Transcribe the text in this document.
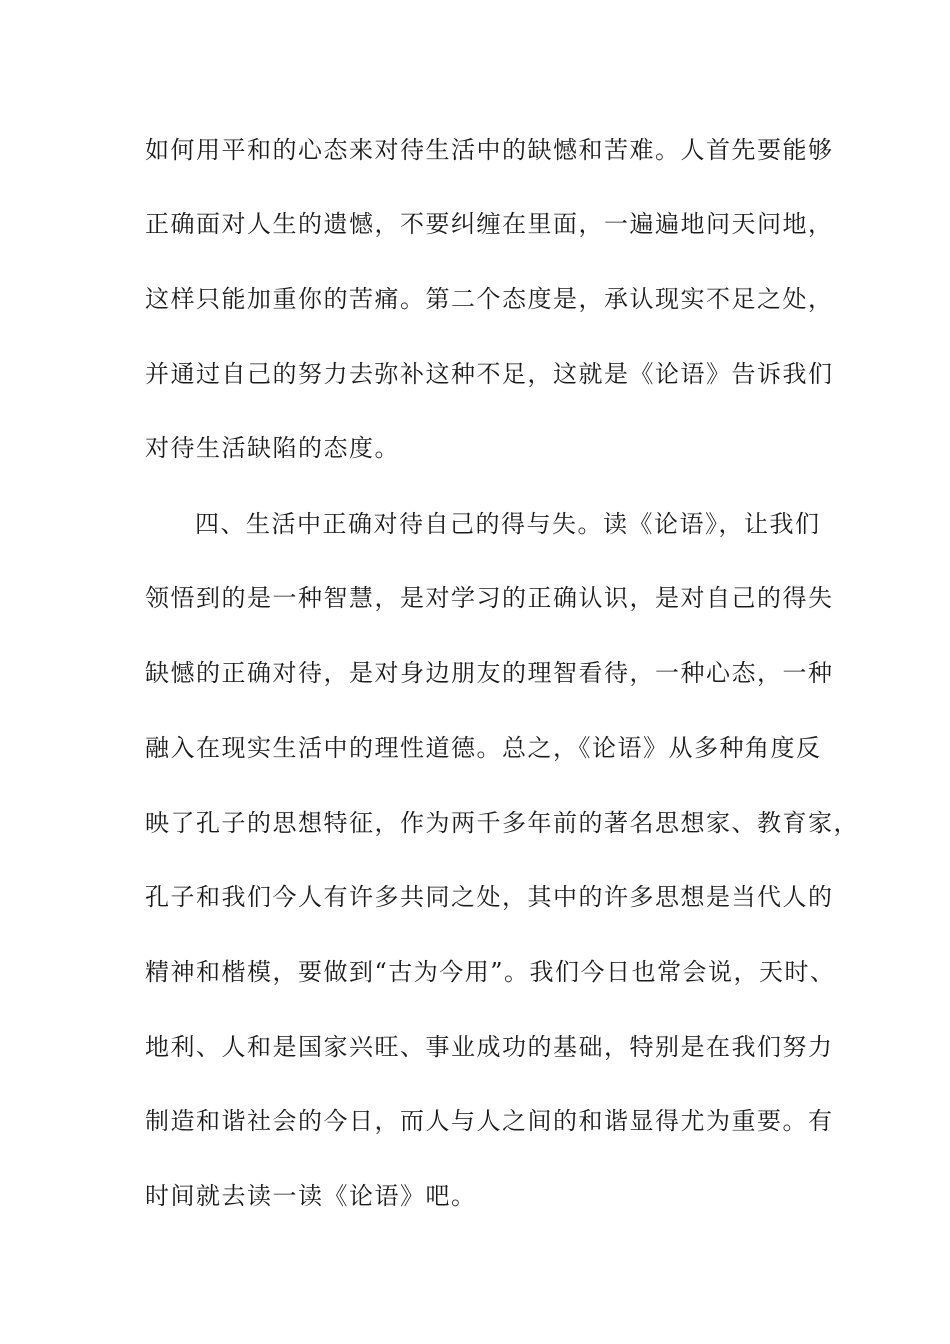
如何用平和的心态来对待生活中的缺憾和苦难。人首先要能够
正确面对人生的遗憾，不要纠缠在里面，一遍遍地问天问地，
这样只能加重你的苦痛。第二个态度是，承认现实不足之处，
并通过自己的努力去弥补这种不足，这就是《论语》告诉我们
对待生活缺陷的态度。
四、生活中正确对待自己的得与失。读《论语》，让我们
领悟到的是一种智慧，是对学习的正确认识，是对自己的得失
缺憾的正确对待，是对身边朋友的理智看待，一种心态，一种
融入在现实生活中的理性道德。总之，《论语》从多种角度反
映了孔子的思想特征，作为两千多年前的著名思想家、教育家，
孔子和我们今人有许多共同之处，其中的许多思想是当代人的
精神和楷模，要做到“古为今用”。我们今日也常会说，天时、
地利、人和是国家兴旺、事业成功的基础，特别是在我们努力
制造和谐社会的今日，而人与人之间的和谐显得尤为重要。有
时间就去读一读《论语》吧。
